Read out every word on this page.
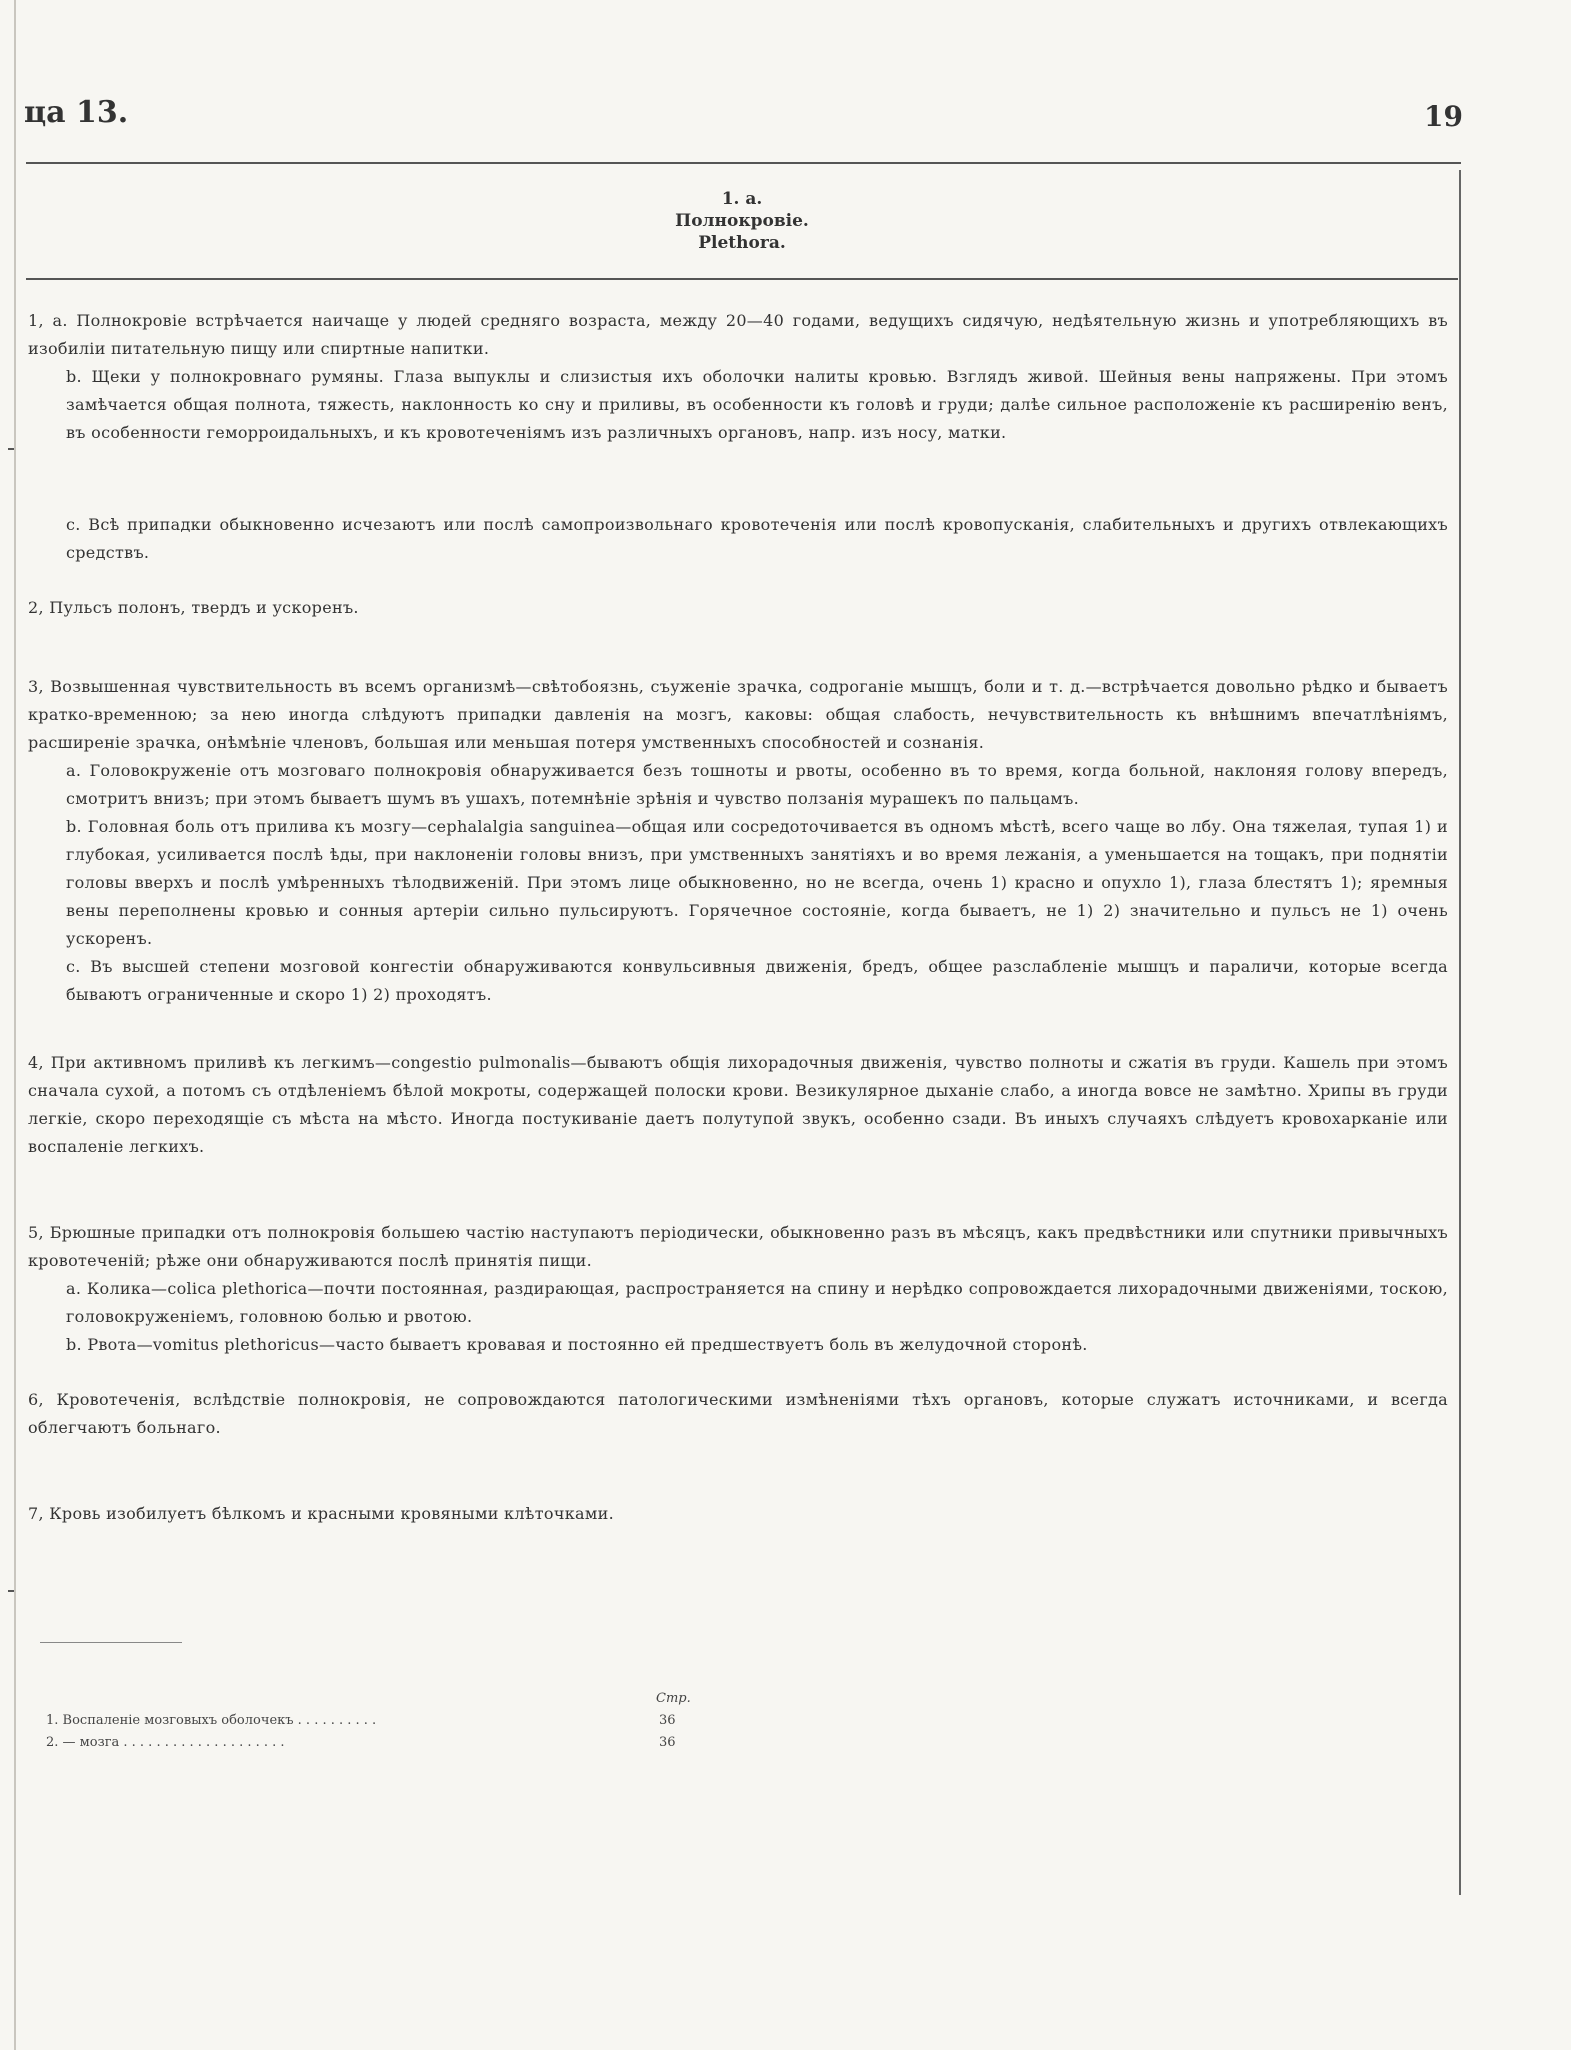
ца 13.	19
1. а.
Полнокровіе.
Plethora.

1, а. Полнокровіе встрѣчается наичаще у людей средняго возраста, между 20—40 годами, ведущихъ сидячую, недѣятельную жизнь и употребляющихъ въ изобиліи питательную пищу или спиртные напитки.

b. Щеки у полнокровнаго румяны. Глаза выпуклы и слизистыя ихъ оболочки налиты кровью. Взглядъ живой. Шейныя вены напряжены. При этомъ замѣчается общая полнота, тяжесть, наклонность ко сну и приливы, въ особенности къ головѣ и груди; далѣе сильное расположеніе къ расширенію венъ, въ особенности геморроидальныхъ, и къ кровотеченіямъ изъ различныхъ органовъ, напр. изъ носу, матки.

с. Всѣ припадки обыкновенно исчезаютъ или послѣ самопроизвольнаго кровотеченія или послѣ кровопусканія, слабительныхъ и другихъ отвлекающихъ средствъ.

2, Пульсъ полонъ, твердъ и ускоренъ.

3, Возвышенная чувствительность въ всемъ организмѣ—свѣтобоязнь, съуженіе зрачка, содроганіе мышцъ, боли и т. д.—встрѣчается довольно рѣдко и бываетъ кратко-временною; за нею иногда слѣдуютъ припадки давленія на мозгъ, каковы: общая слабость, нечувствительность къ внѣшнимъ впечатлѣніямъ, расширеніе зрачка, онѣмѣніе членовъ, большая или меньшая потеря умственныхъ способностей и сознанія.

а. Головокруженіе отъ мозговаго полнокровія обнаруживается безъ тошноты и рвоты, особенно въ то время, когда больной, наклоняя голову впередъ, смотритъ внизъ; при этомъ бываетъ шумъ въ ушахъ, потемнѣніе зрѣнія и чувство ползанія мурашекъ по пальцамъ.

b. Головная боль отъ прилива къ мозгу—cephalalgia sanguinea—общая или сосредоточивается въ одномъ мѣстѣ, всего чаще во лбу. Она тяжелая, тупая 1) и глубокая, усиливается послѣ ѣды, при наклоненіи головы внизъ, при умственныхъ занятіяхъ и во время лежанія, а уменьшается на тощакъ, при поднятіи головы вверхъ и послѣ умѣренныхъ тѣлодвиженій. При этомъ лице обыкновенно, но не всегда, очень 1) красно и опухло 1), глаза блестятъ 1); яремныя вены переполнены кровью и сонныя артеріи сильно пульсируютъ. Горячечное состояніе, когда бываетъ, не 1) 2) значительно и пульсъ не 1) очень ускоренъ.

с. Въ высшей степени мозговой конгестіи обнаруживаются конвульсивныя движенія, бредъ, общее разслабленіе мышцъ и параличи, которые всегда бываютъ ограниченные и скоро 1) 2) проходятъ.

4, При активномъ приливѣ къ легкимъ—congestio pulmonalis—бываютъ общія лихорадочныя движенія, чувство полноты и сжатія въ груди. Кашель при этомъ сначала сухой, а потомъ съ отдѣленіемъ бѣлой мокроты, содержащей полоски крови. Везикулярное дыханіе слабо, а иногда вовсе не замѣтно. Хрипы въ груди легкіе, скоро переходящіе съ мѣста на мѣсто. Иногда постукиваніе даетъ полутупой звукъ, особенно сзади. Въ иныхъ случаяхъ слѣдуетъ кровохарканіе или воспаленіе легкихъ.

5, Брюшные припадки отъ полнокровія большею частію наступаютъ періодически, обыкновенно разъ въ мѣсяцъ, какъ предвѣстники или спутники привычныхъ кровотеченій; рѣже они обнаруживаются послѣ принятія пищи.

а. Колика—colica plethorica—почти постоянная, раздирающая, распространяется на спину и нерѣдко сопровождается лихорадочными движеніями, тоскою, головокруженіемъ, головною болью и рвотою.

b. Рвота—vomitus plethoricus—часто бываетъ кровавая и постоянно ей предшествуетъ боль въ желудочной сторонѣ.

6, Кровотеченія, вслѣдствіе полнокровія, не сопровождаются патологическими измѣненіями тѣхъ органовъ, которые служатъ источниками, и всегда облегчаютъ больнаго.

7, Кровь изобилуетъ бѣлкомъ и красными кровяными клѣточками.

Стр.
1. Воспаленіе мозговыхъ оболочекъ . . . . . . . . . .	36
2. — мозга . . . . . . . . . . . . . . . . . . . .	36
